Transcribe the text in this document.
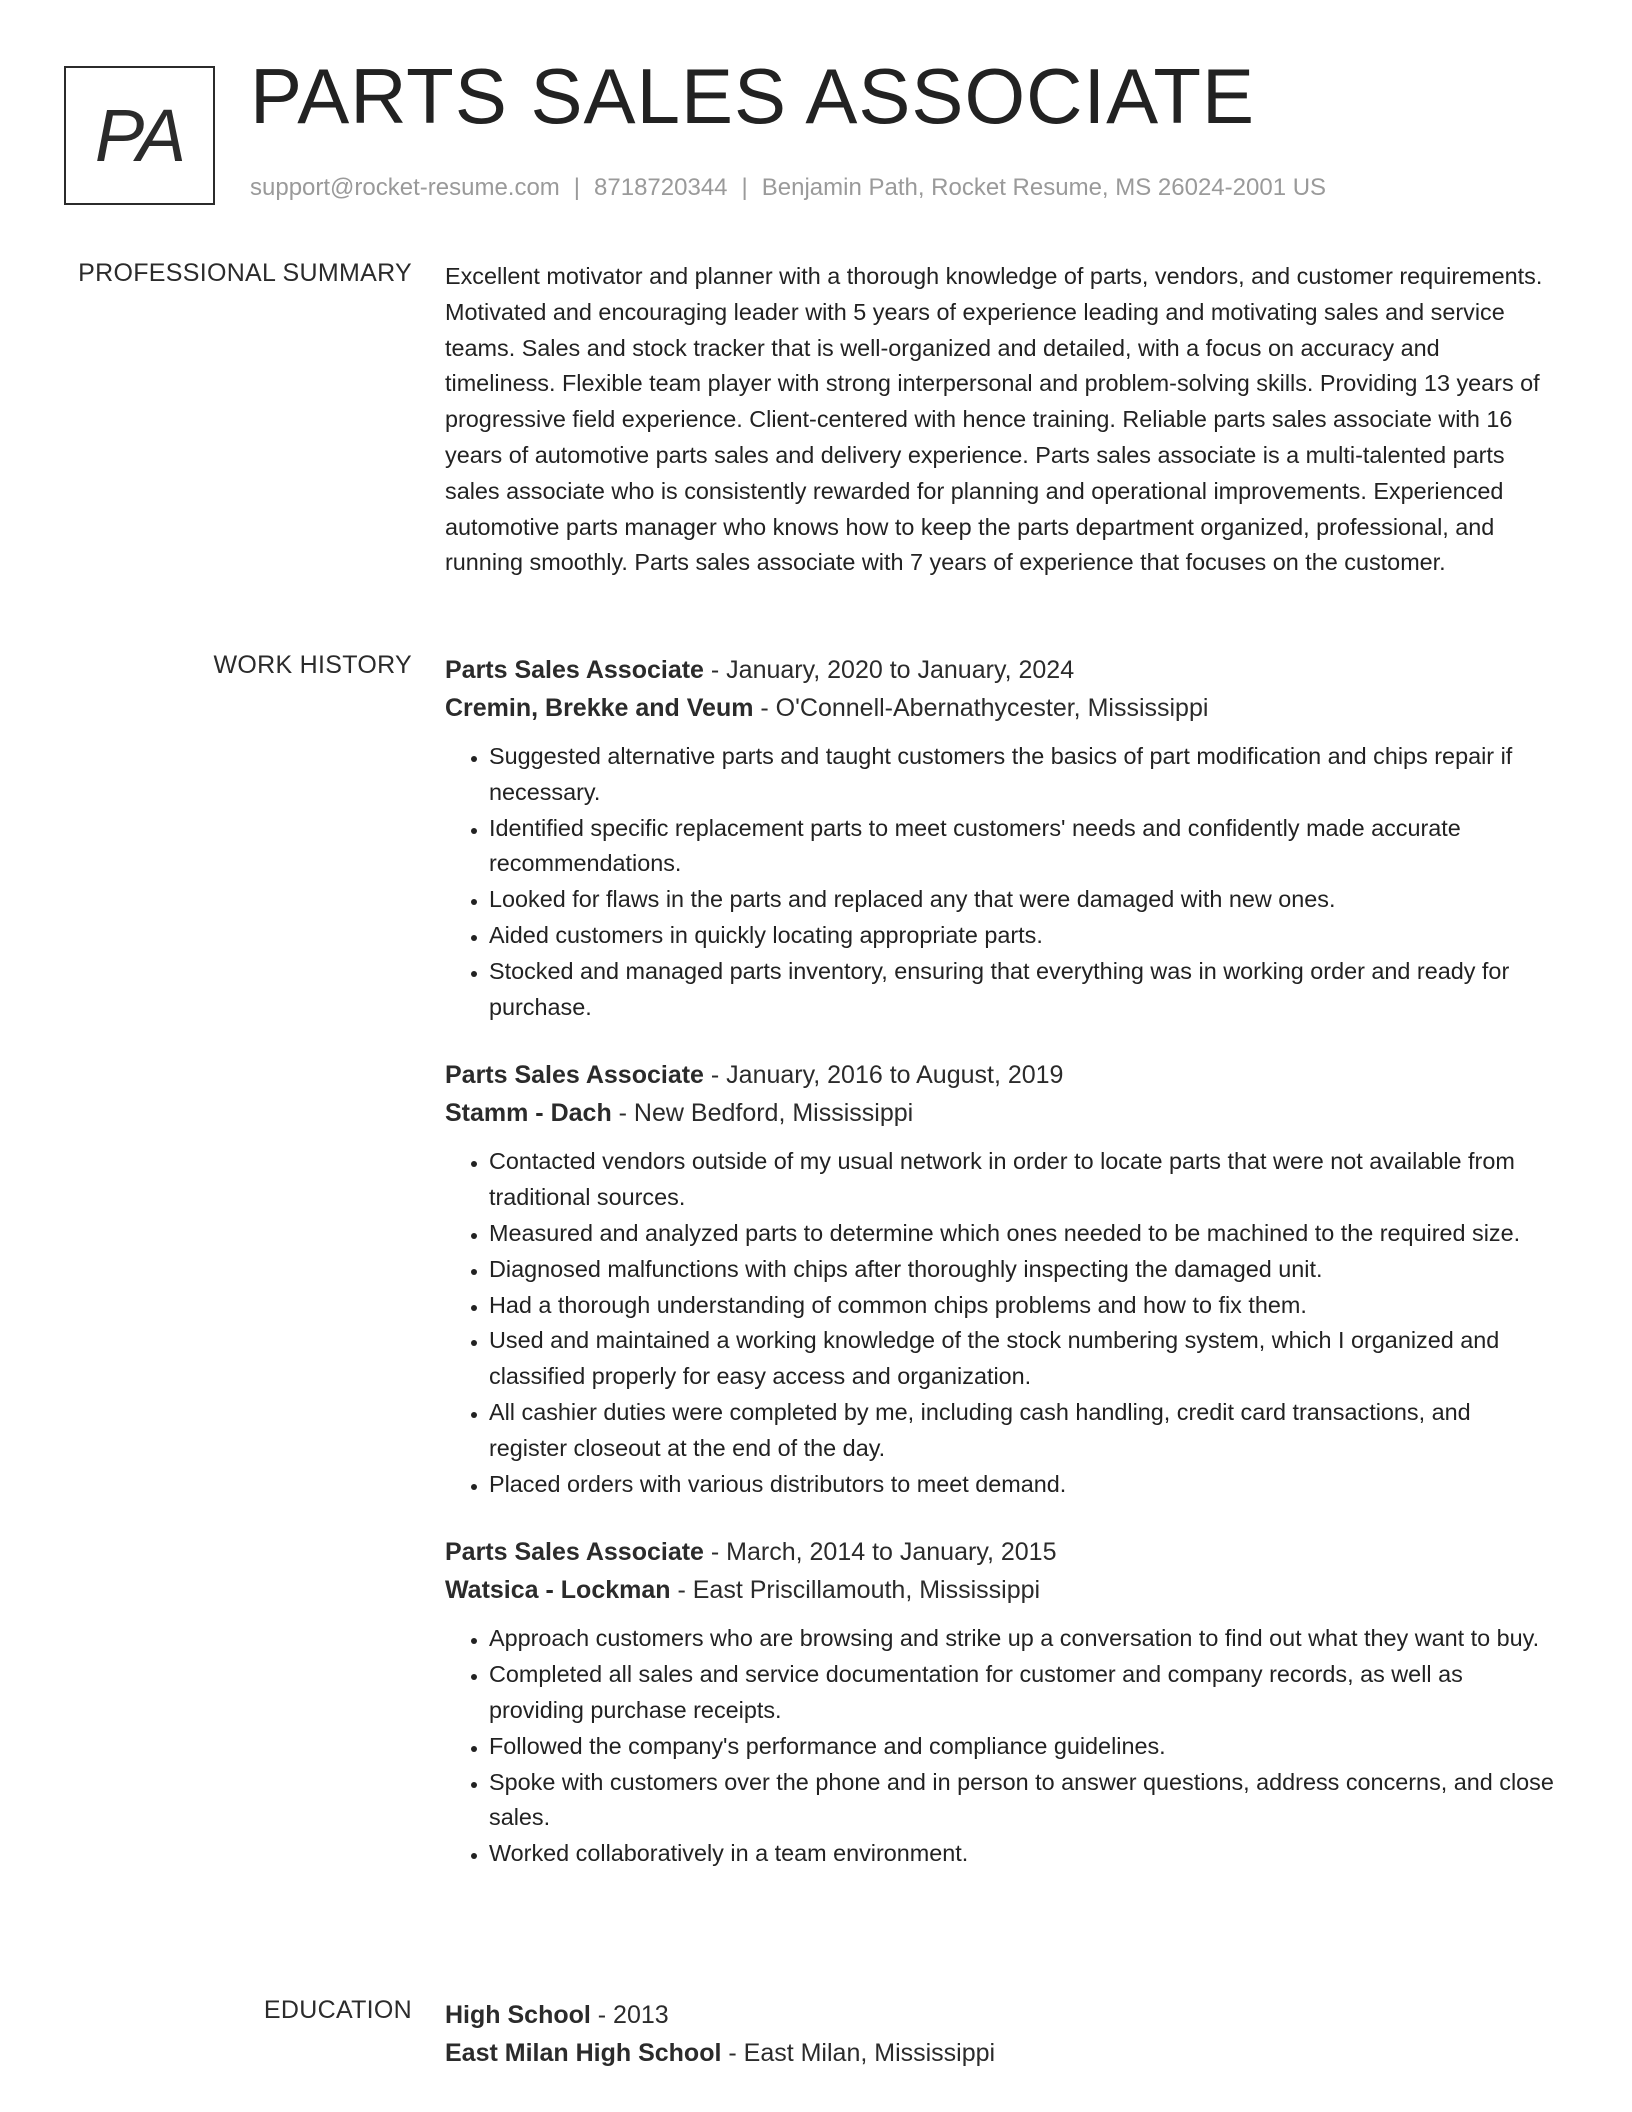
PA PARTS SALES ASSOCIATE
support@rocket-resume.com | 8718720344 | Benjamin Path, Rocket Resume, MS 26024-2001 US
PROFESSIONAL SUMMARY Excellent motivator and planner with a thorough knowledge of parts, vendors, and customer requirements. Motivated and encouraging leader with 5 years of experience leading and motivating sales and service teams. Sales and stock tracker that is well-organized and detailed, with a focus on accuracy and timeliness. Flexible team player with strong interpersonal and problem-solving skills. Providing 13 years of progressive field experience. Client-centered with hence training. Reliable parts sales associate with 16 years of automotive parts sales and delivery experience. Parts sales associate is a multi-talented parts sales associate who is consistently rewarded for planning and operational improvements. Experienced automotive parts manager who knows how to keep the parts department organized, professional, and running smoothly. Parts sales associate with 7 years of experience that focuses on the customer.

WORK HISTORY Parts Sales Associate - January, 2020 to January, 2024
Cremin, Brekke and Veum - O'Connell-Abernathycester, Mississippi
• Suggested alternative parts and taught customers the basics of part modification and chips repair if necessary.
• Identified specific replacement parts to meet customers' needs and confidently made accurate recommendations.
• Looked for flaws in the parts and replaced any that were damaged with new ones.
• Aided customers in quickly locating appropriate parts.
• Stocked and managed parts inventory, ensuring that everything was in working order and ready for purchase.
Parts Sales Associate - January, 2016 to August, 2019
Stamm - Dach - New Bedford, Mississippi
• Contacted vendors outside of my usual network in order to locate parts that were not available from traditional sources.
• Measured and analyzed parts to determine which ones needed to be machined to the required size.
• Diagnosed malfunctions with chips after thoroughly inspecting the damaged unit.
• Had a thorough understanding of common chips problems and how to fix them.
• Used and maintained a working knowledge of the stock numbering system, which I organized and classified properly for easy access and organization.
• All cashier duties were completed by me, including cash handling, credit card transactions, and register closeout at the end of the day.
• Placed orders with various distributors to meet demand.
Parts Sales Associate - March, 2014 to January, 2015
Watsica - Lockman - East Priscillamouth, Mississippi
• Approach customers who are browsing and strike up a conversation to find out what they want to buy.
• Completed all sales and service documentation for customer and company records, as well as providing purchase receipts.
• Followed the company's performance and compliance guidelines.
• Spoke with customers over the phone and in person to answer questions, address concerns, and close sales.
• Worked collaboratively in a team environment.
EDUCATION High School - 2013
East Milan High School - East Milan, Mississippi
